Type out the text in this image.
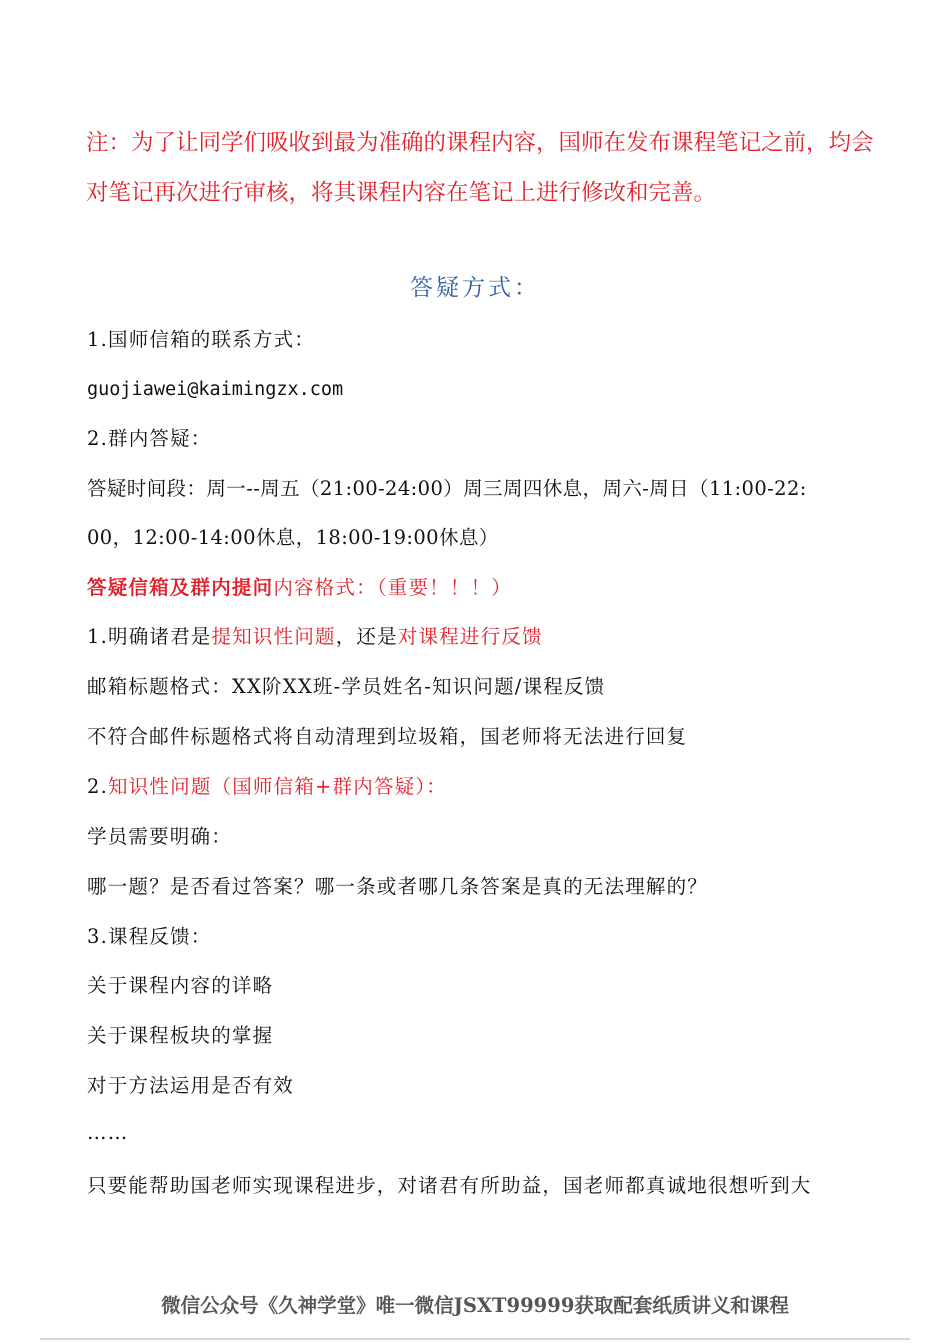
注：为了让同学们吸收到最为准确的课程内容，国师在发布课程笔记之前，均会对笔记再次进行审核，将其课程内容在笔记上进行修改和完善。
答疑方式：
1.国师信箱的联系方式：
guojiawei@kaimingzx.com
2.群内答疑：
答疑时间段：周一--周五（21:00-24:00）周三周四休息，周六-周日（11:00-22:
00，12:00-14:00休息，18:00-19:00休息）
答疑信箱及群内提问内容格式：（重要！！！）
1.明确诸君是提知识性问题，还是对课程进行反馈
邮箱标题格式：XX阶XX班-学员姓名-知识问题/课程反馈
不符合邮件标题格式将自动清理到垃圾箱，国老师将无法进行回复
2.知识性问题（国师信箱+群内答疑）：
学员需要明确：
哪一题？是否看过答案？哪一条或者哪几条答案是真的无法理解的？
3.课程反馈：
关于课程内容的详略
关于课程板块的掌握
对于方法运用是否有效
……
只要能帮助国老师实现课程进步，对诸君有所助益，国老师都真诚地很想听到大
微信公众号《久神学堂》唯一微信JSXT99999获取配套纸质讲义和课程
